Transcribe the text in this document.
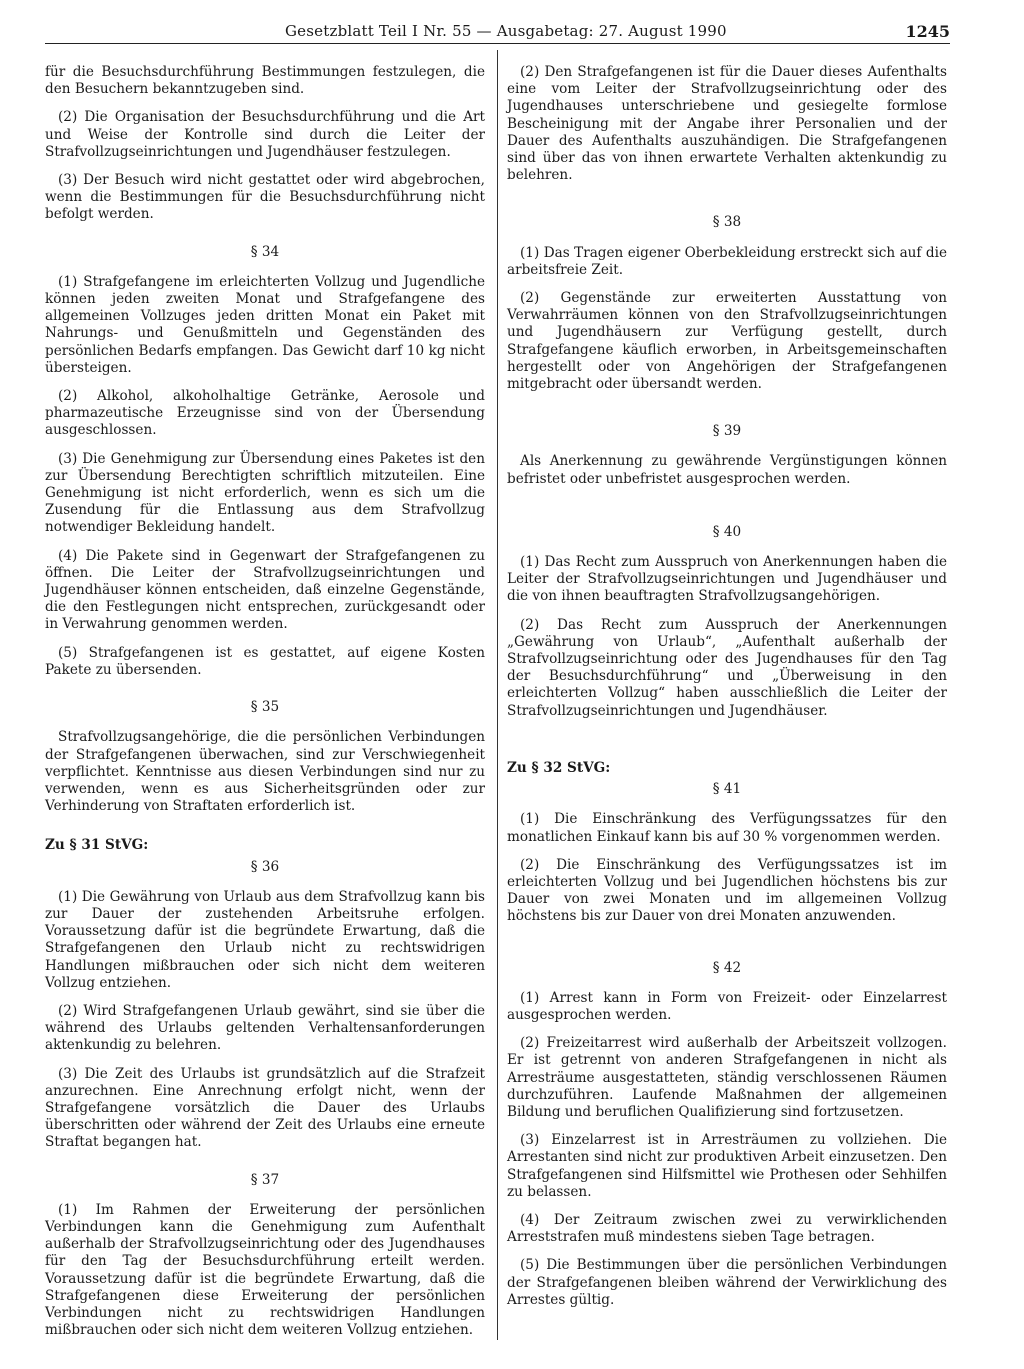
Gesetzblatt Teil I Nr. 55 — Ausgabetag: 27. August 1990	1245

für die Besuchsdurchführung Bestimmungen festzulegen, die den Besuchern bekanntzugeben sind.

(2) Die Organisation der Besuchsdurchführung und die Art und Weise der Kontrolle sind durch die Leiter der Strafvollzugseinrichtungen und Jugendhäuser festzulegen.

(3) Der Besuch wird nicht gestattet oder wird abgebrochen, wenn die Bestimmungen für die Besuchsdurchführung nicht befolgt werden.

§ 34

(1) Strafgefangene im erleichterten Vollzug und Jugendliche können jeden zweiten Monat und Strafgefangene des allgemeinen Vollzuges jeden dritten Monat ein Paket mit Nahrungs- und Genußmitteln und Gegenständen des persönlichen Bedarfs empfangen. Das Gewicht darf 10 kg nicht übersteigen.

(2) Alkohol, alkoholhaltige Getränke, Aerosole und pharmazeutische Erzeugnisse sind von der Übersendung ausgeschlossen.

(3) Die Genehmigung zur Übersendung eines Paketes ist den zur Übersendung Berechtigten schriftlich mitzuteilen. Eine Genehmigung ist nicht erforderlich, wenn es sich um die Zusendung für die Entlassung aus dem Strafvollzug notwendiger Bekleidung handelt.

(4) Die Pakete sind in Gegenwart der Strafgefangenen zu öffnen. Die Leiter der Strafvollzugseinrichtungen und Jugendhäuser können entscheiden, daß einzelne Gegenstände, die den Festlegungen nicht entsprechen, zurückgesandt oder in Verwahrung genommen werden.

(5) Strafgefangenen ist es gestattet, auf eigene Kosten Pakete zu übersenden.

§ 35

Strafvollzugsangehörige, die die persönlichen Verbindungen der Strafgefangenen überwachen, sind zur Verschwiegenheit verpflichtet. Kenntnisse aus diesen Verbindungen sind nur zu verwenden, wenn es aus Sicherheitsgründen oder zur Verhinderung von Straftaten erforderlich ist.

Zu § 31 StVG:
§ 36

(1) Die Gewährung von Urlaub aus dem Strafvollzug kann bis zur Dauer der zustehenden Arbeitsruhe erfolgen. Voraussetzung dafür ist die begründete Erwartung, daß die Strafgefangenen den Urlaub nicht zu rechtswidrigen Handlungen mißbrauchen oder sich nicht dem weiteren Vollzug entziehen.

(2) Wird Strafgefangenen Urlaub gewährt, sind sie über die während des Urlaubs geltenden Verhaltensanforderungen aktenkundig zu belehren.

(3) Die Zeit des Urlaubs ist grundsätzlich auf die Strafzeit anzurechnen. Eine Anrechnung erfolgt nicht, wenn der Strafgefangene vorsätzlich die Dauer des Urlaubs überschritten oder während der Zeit des Urlaubs eine erneute Straftat begangen hat.

§ 37

(1) Im Rahmen der Erweiterung der persönlichen Verbindungen kann die Genehmigung zum Aufenthalt außerhalb der Strafvollzugseinrichtung oder des Jugendhauses für den Tag der Besuchsdurchführung erteilt werden. Voraussetzung dafür ist die begründete Erwartung, daß die Strafgefangenen diese Erweiterung der persönlichen Verbindungen nicht zu rechtswidrigen Handlungen mißbrauchen oder sich nicht dem weiteren Vollzug entziehen.

(2) Den Strafgefangenen ist für die Dauer dieses Aufenthalts eine vom Leiter der Strafvollzugseinrichtung oder des Jugendhauses unterschriebene und gesiegelte formlose Bescheinigung mit der Angabe ihrer Personalien und der Dauer des Aufenthalts auszuhändigen. Die Strafgefangenen sind über das von ihnen erwartete Verhalten aktenkundig zu belehren.

§ 38

(1) Das Tragen eigener Oberbekleidung erstreckt sich auf die arbeitsfreie Zeit.

(2) Gegenstände zur erweiterten Ausstattung von Verwahrräumen können von den Strafvollzugseinrichtungen und Jugendhäusern zur Verfügung gestellt, durch Strafgefangene käuflich erworben, in Arbeitsgemeinschaften hergestellt oder von Angehörigen der Strafgefangenen mitgebracht oder übersandt werden.

§ 39

Als Anerkennung zu gewährende Vergünstigungen können befristet oder unbefristet ausgesprochen werden.

§ 40

(1) Das Recht zum Ausspruch von Anerkennungen haben die Leiter der Strafvollzugseinrichtungen und Jugendhäuser und die von ihnen beauftragten Strafvollzugsangehörigen.

(2) Das Recht zum Ausspruch der Anerkennungen „Gewährung von Urlaub“, „Aufenthalt außerhalb der Strafvollzugseinrichtung oder des Jugendhauses für den Tag der Besuchsdurchführung“ und „Überweisung in den erleichterten Vollzug“ haben ausschließlich die Leiter der Strafvollzugseinrichtungen und Jugendhäuser.

Zu § 32 StVG:
§ 41

(1) Die Einschränkung des Verfügungssatzes für den monatlichen Einkauf kann bis auf 30 % vorgenommen werden.

(2) Die Einschränkung des Verfügungssatzes ist im erleichterten Vollzug und bei Jugendlichen höchstens bis zur Dauer von zwei Monaten und im allgemeinen Vollzug höchstens bis zur Dauer von drei Monaten anzuwenden.

§ 42

(1) Arrest kann in Form von Freizeit- oder Einzelarrest ausgesprochen werden.

(2) Freizeitarrest wird außerhalb der Arbeitszeit vollzogen. Er ist getrennt von anderen Strafgefangenen in nicht als Arresträume ausgestatteten, ständig verschlossenen Räumen durchzuführen. Laufende Maßnahmen der allgemeinen Bildung und beruflichen Qualifizierung sind fortzusetzen.

(3) Einzelarrest ist in Arresträumen zu vollziehen. Die Arrestanten sind nicht zur produktiven Arbeit einzusetzen. Den Strafgefangenen sind Hilfsmittel wie Prothesen oder Sehhilfen zu belassen.

(4) Der Zeitraum zwischen zwei zu verwirklichenden Arreststrafen muß mindestens sieben Tage betragen.

(5) Die Bestimmungen über die persönlichen Verbindungen der Strafgefangenen bleiben während der Verwirklichung des Arrestes gültig.
